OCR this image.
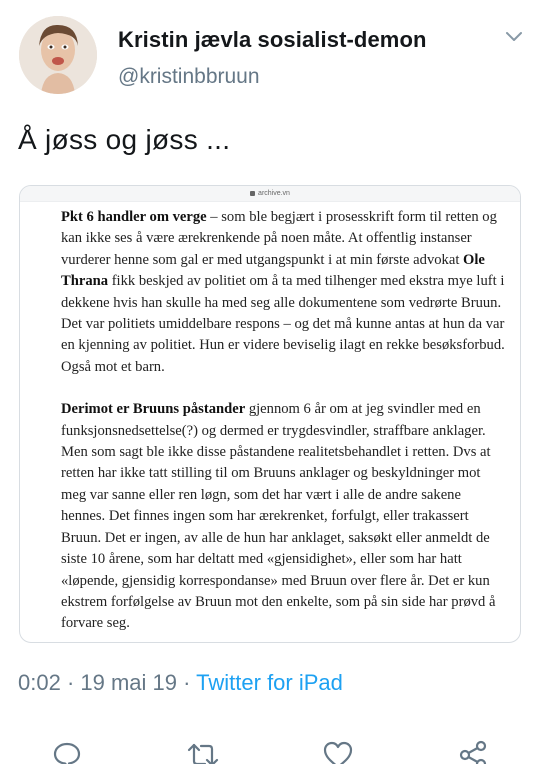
Kristin jævla sosialist-demon
@kristinbbruun
Å jøss og jøss ...
archive.vn

Pkt 6 handler om verge – som ble begjært i prosesskrift form til retten og kan ikke ses å være ærekrenkende på noen måte. At offentlig instanser vurderer henne som gal er med utgangspunkt i at min første advokat Ole Thrana fikk beskjed av politiet om å ta med tilhenger med ekstra mye luft i dekkene hvis han skulle ha med seg alle dokumentene som vedrørte Bruun. Det var politiets umiddelbare respons – og det må kunne antas at hun da var en kjenning av politiet. Hun er videre beviselig ilagt en rekke besøksforbud. Også mot et barn.

Derimot er Bruuns påstander gjennom 6 år om at jeg svindler med en funksjonsnedsettelse(?) og dermed er trygdesvindler, straffbare anklager. Men som sagt ble ikke disse påstandene realitetsbehandlet i retten. Dvs at retten har ikke tatt stilling til om Bruuns anklager og beskyldninger mot meg var sanne eller ren løgn, som det har vært i alle de andre sakene hennes. Det finnes ingen som har ærekrenket, forfulgt, eller trakassert Bruun. Det er ingen, av alle de hun har anklaget, saksøkt eller anmeldt de siste 10 årene, som har deltatt med «gjensidighet», eller som har hatt «løpende, gjensidig korrespondanse» med Bruun over flere år. Det er kun ekstrem forfølgelse av Bruun mot den enkelte, som på sin side har prøvd å forvare seg.

0:02 · 19 mai 19 · Twitter for iPad
